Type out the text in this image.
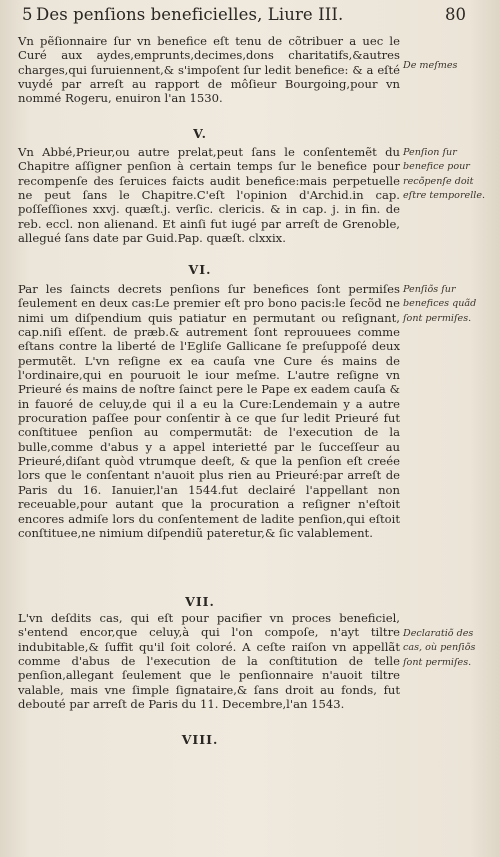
5 Des penſions beneficielles, Liure III.	80

Vn pẽſionnaire ſur vn benefice eſt tenu de cõtribuer a uec le Curé aux aydes,emprunts,decimes,dons charitatifs,&autres charges,qui ſuruiennent,& s'impoſent ſur ledit benefice: & a eſté vuydé par arreſt au rapport de môſieur Bourgoing,pour vn nommé Rogeru, enuiron l'an 1530.

V.

Vn Abbé,Prieur,ou autre prelat,peut ſans le conſentemẽt du Chapitre aſſigner penſion à certain temps ſur le benefice pour recompenſe des ſeruices faicts audit benefice:mais perpetuelle ne peut ſans le Chapitre.C'eſt l'opinion d'Archid.in cap. poſſeſſiones xxvj. quæſt.j. verſic. clericis. & in cap. j. in fin. de reb. eccl. non alienand. Et ainſi fut iugé par arreſt de Grenoble, allegué ſans date par Guid.Pap. quæſt. clxxix.

VI.

Par les ſaincts decrets penſions ſur benefices ſont permiſes ſeulement en deux cas:Le premier eſt pro bono pacis:le ſecõd ne nimi um diſpendium quis patiatur en permutant ou reſignant, cap.niſi eſſent. de præb.& autrement ſont reprouuees comme eſtans contre la liberté de l'Egliſe Gallicane ſe preſuppoſé deux permutẽt. L'vn reſigne ex ea cauſa vne Cure és mains de l'ordinaire,qui en pouruoit le iour meſme. L'autre reſigne vn Prieuré és mains de noſtre ſainct pere le Pape ex eadem cauſa & in fauoré de celuy,de qui il a eu la Cure:Lendemain y a autre procuration paſſee pour conſentir à ce que ſur ledit Prieuré fut conſtituee penſion au compermutãt: de l'execution de la bulle,comme d'abus y a appel interietté par le ſucceſſeur au Prieuré,diſant quòd vtrumque deeſt, & que la penſion eſt creée lors que le conſentant n'auoit plus rien au Prieuré:par arreſt de Paris du 16. Ianuier,l'an 1544.fut declairé l'appellant non receuable,pour autant que la procuration a reſigner n'eſtoit encores admiſe lors du conſentement de ladite penſion,qui eſtoit conſtituee,ne nimium diſpendiũ pateretur,& ſic valablement.

VII.

L'vn deſdits cas, qui eſt pour pacifier vn proces beneficiel, s'entend encor,que celuy,à qui l'on compoſe, n'ayt tiltre indubitable,& ſuffit qu'il ſoit coloré. A ceſte raiſon vn appellãt comme d'abus de l'execution de la conſtitution de telle penſion,allegant ſeulement que le penſionnaire n'auoit tiltre valable, mais vne ſimple ſignataire,& ſans droit au fonds, fut debouté par arreſt de Paris du 11. Decembre,l'an 1543.

VIII.
De meſmes
Penſion ſur benefice pour recõpenſe doit eſtre temporelle.
Penſiõs ſur benefices quãd ſont permiſes.
Declaratiõ des cas, où penſiõs ſont permiſes.
